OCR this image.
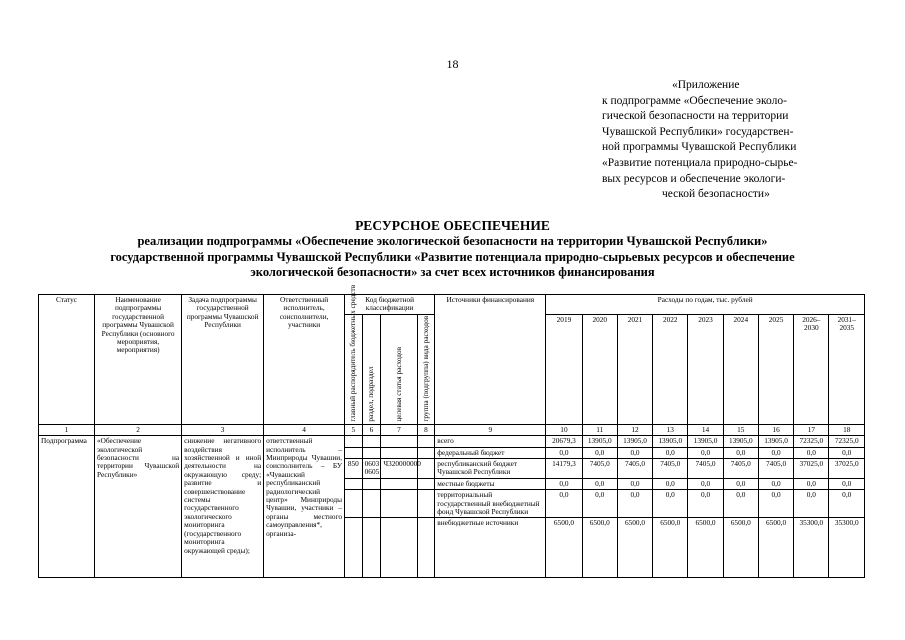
18
«Приложение
к подпрограмме «Обеспечение эколо-
гической безопасности на территории
Чувашской Республики» государствен-
ной программы Чувашской Республики
«Развитие потенциала природно-сырье-
вых ресурсов и обеспечение экологи-
ческой безопасности»
РЕСУРСНОЕ ОБЕСПЕЧЕНИЕ
реализации подпрограммы «Обеспечение экологической безопасности на территории Чувашской Республики»
государственной программы Чувашской Республики «Развитие потенциала природно-сырьевых ресурсов и обеспечение
экологической безопасности» за счет всех источников финансирования
Статус	Наименование подпрограммы государственной программы Чувашской Республики (основного мероприятия, мероприятия)	Задача подпрограммы государственной программы Чувашской Республики	Ответственный исполнитель, соисполнители, участники	Код бюджетной классификации				Источники финансирования	Расходы по годам, тыс. рублей								

				главный распорядитель бюджетных средств	раздел, подраздел	целевая статья расходов	группа (подгруппа) вида расходов		2019	2020	2021	2022	2023	2024	2025	2026–2030	2031–2035
1	2	3	4	5	6	7	8	9	10	11	12	13	14	15	16	17	18
Подпрограмма	«Обеспечение экологической безопасности на территории Чувашской Республики»	снижение негативного воздействия хозяйственной и иной деятельности на окружающую среду; развитие и совершенствование системы государственного экологического мониторинга (государственного мониторинга окружающей среды);	ответственный исполнитель – Минприроды Чувашии, соисполнитель – БУ «Чувашский республиканский радиологический центр» Минприроды Чувашии, участники – органы местного самоуправления*, организа-					всего	20679,3	13905,0	13905,0	13905,0	13905,0	13905,0	13905,0	72325,0	72325,0
								федеральный бюджет	0,0	0,0	0,0	0,0	0,0	0,0	0,0	0,0	0,0
				850	0603 0605	Ч320000000		республиканский бюджет Чувашской Республики	14179,3	7405,0	7405,0	7405,0	7405,0	7405,0	7405,0	37025,0	37025,0
								местные бюджеты	0,0	0,0	0,0	0,0	0,0	0,0	0,0	0,0	0,0
								территориальный государственный внебюджетный фонд Чувашской Республики	0,0	0,0	0,0	0,0	0,0	0,0	0,0	0,0	0,0
								внебюджетные источники	6500,0	6500,0	6500,0	6500,0	6500,0	6500,0	6500,0	35300,0	35300,0
